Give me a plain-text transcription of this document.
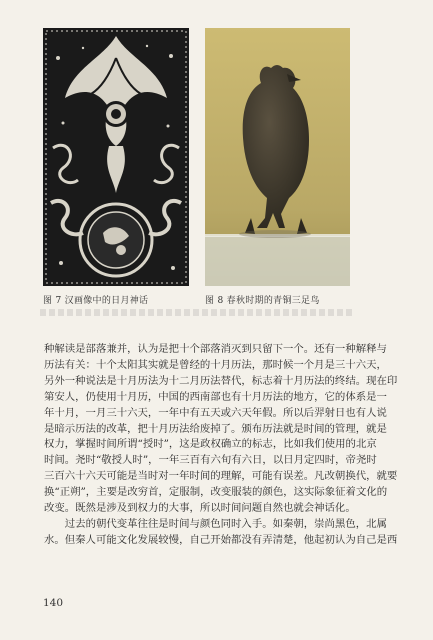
图 7 汉画像中的日月神话	图 8 春秋时期的青铜三足鸟
种解读是部落兼并，认为是把十个部落消灭到只留下一个。还有一种解释与
历法有关：十个太阳其实就是曾经的十月历法，那时候一个月是三十六天，
另外一种说法是十月历法为十二月历法替代，标志着十月历法的终结。现在印
第安人，仍使用十月历，中国的西南部也有十月历法的地方，它的体系是一
年十月，一月三十六天，一年中有五天或六天年假。所以后羿射日也有人说
是暗示历法的改革，把十月历法给废掉了。颁布历法就是时间的管理，就是
权力，掌握时间所谓“授时”，这是政权确立的标志，比如我们使用的北京
时间。尧时“敬授人时”，一年三百有六旬有六日，以日月定四时，帝尧时
三百六十六天可能是当时对一年时间的理解，可能有误差。凡改朝换代，就要
换“正朔”，主要是改穷首，定服制，改变服装的颜色，这实际象征着文化的
改变。既然是涉及到权力的大事，所以时间问题自然也就会神话化。
过去的朝代变革往往是时间与颜色同时入手。如秦朝，崇尚黑色，北属
水。但秦人可能文化发展较慢，自己开始都没有弄清楚，他起初认为自己是西
140
